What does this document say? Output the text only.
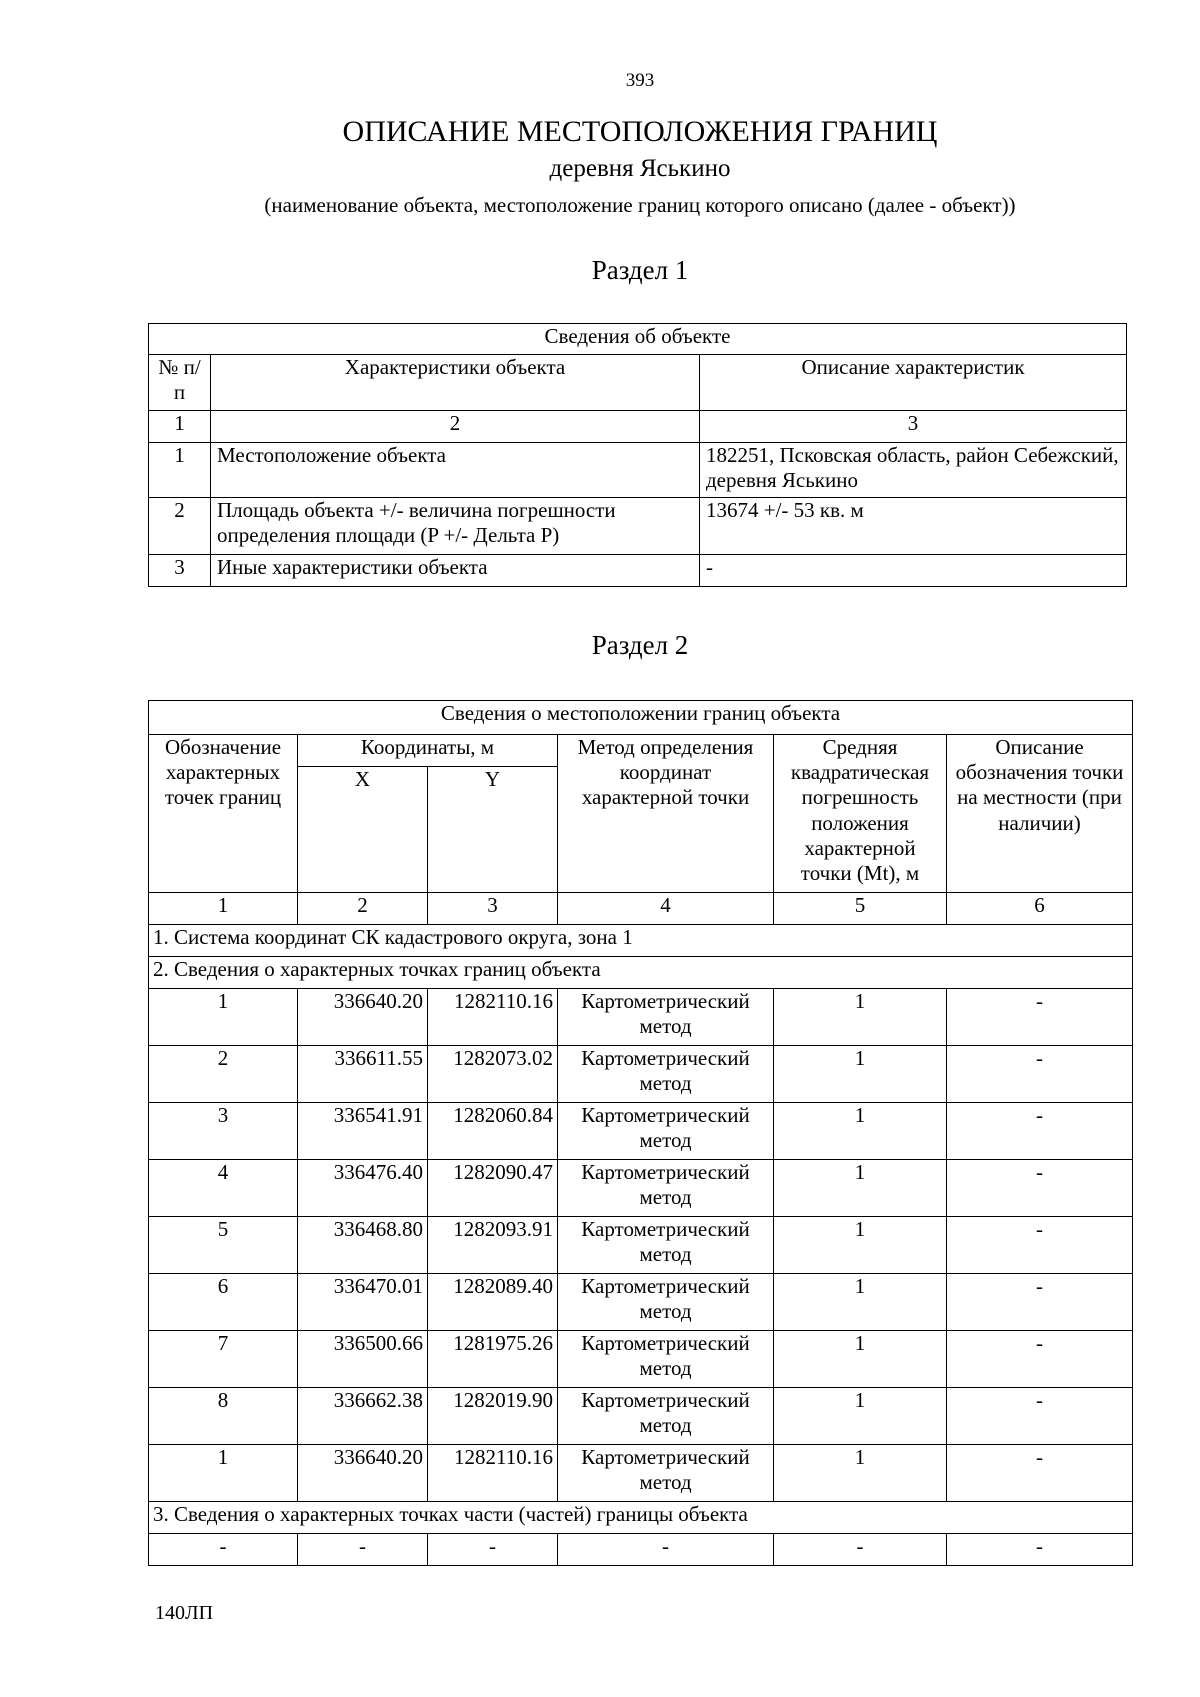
393
ОПИСАНИЕ МЕСТОПОЛОЖЕНИЯ ГРАНИЦ
деревня Яськино
(наименование объекта, местоположение границ которого описано (далее - объект))
Раздел 1
Сведения об объекте		
№ п/п	Характеристики объекта	Описание характеристик
1	2	3
1	Местоположение объекта	182251, Псковская область, район Себежский, деревня Яськино
2	Площадь объекта +/- величина погрешности определения площади (P +/- Дельта P)	13674 +/- 53 кв. м
3	Иные характеристики объекта	-
Раздел 2
Сведения о местоположении границ объекта					
Обозначение характерных точек границ	Координаты, м		Метод определения координат характерной точки	Средняя квадратическая погрешность положения характерной точки (Mt), м	Описание обозначения точки на местности (при наличии)
	X	Y			
1	2	3	4	5	6
1. Система координат СК кадастрового округа, зона 1					
2. Сведения о характерных точках границ объекта					
1	336640.20	1282110.16	Картометрический метод	1	-
2	336611.55	1282073.02	Картометрический метод	1	-
3	336541.91	1282060.84	Картометрический метод	1	-
4	336476.40	1282090.47	Картометрический метод	1	-
5	336468.80	1282093.91	Картометрический метод	1	-
6	336470.01	1282089.40	Картометрический метод	1	-
7	336500.66	1281975.26	Картометрический метод	1	-
8	336662.38	1282019.90	Картометрический метод	1	-
1	336640.20	1282110.16	Картометрический метод	1	-
3. Сведения о характерных точках части (частей) границы объекта					
-	-	-	-	-	-
140ЛП
